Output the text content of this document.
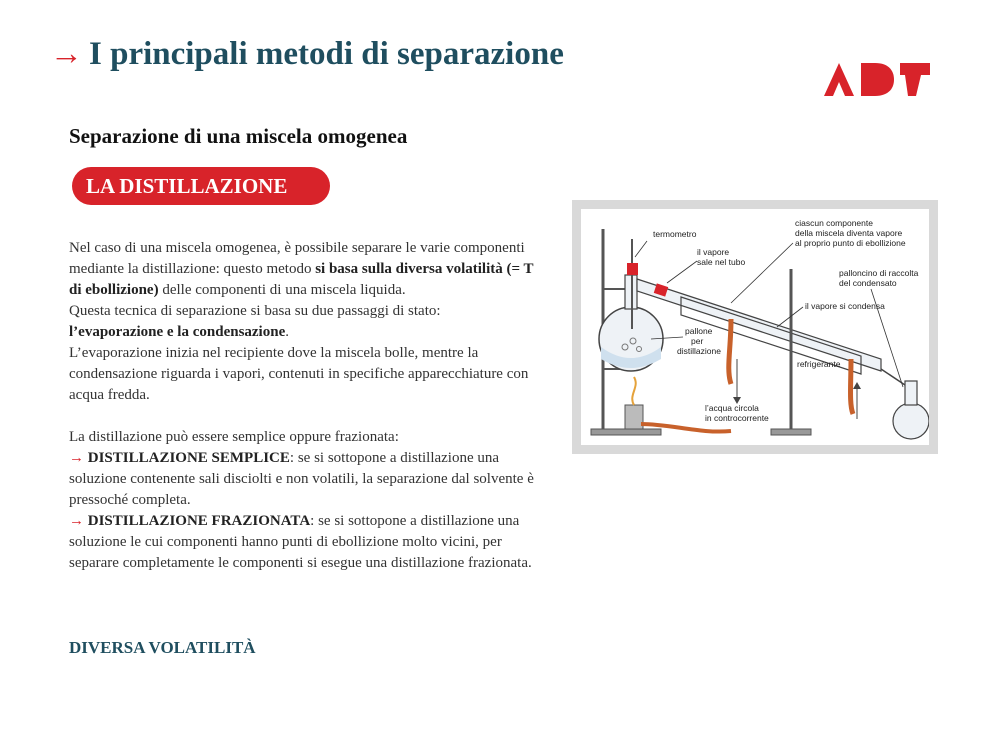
→ I principali metodi di separazione
Separazione di una miscela omogenea
LA DISTILLAZIONE

Nel caso di una miscela omogenea, è possibile separare le varie componenti mediante la distillazione: questo metodo si basa sulla diversa volatilità (= T di ebollizione) delle componenti di una miscela liquida.

Questa tecnica di separazione si basa su due passaggi di stato:
l’evaporazione e la condensazione.

L’evaporazione inizia nel recipiente dove la miscela bolle, mentre la condensazione riguarda i vapori, contenuti in specifiche apparecchiature con acqua fredda.

La distillazione può essere semplice oppure frazionata:

→ DISTILLAZIONE SEMPLICE: se si sottopone a distillazione una soluzione contenente sali disciolti e non volatili, la separazione dal solvente è pressoché completa.

→ DISTILLAZIONE FRAZIONATA: se si sottopone a distillazione una soluzione le cui componenti hanno punti di ebollizione molto vicini, per separare completamente le componenti si esegue una distillazione frazionata.

DIVERSA VOLATILITÀ
termometro
il vapore
sale nel tubo
ciascun componente
della miscela diventa vapore
al proprio punto di ebollizione
palloncino di raccolta
del condensato
il vapore si condensa
pallone
per
distillazione
refrigerante
l’acqua circola
in controcorrente
